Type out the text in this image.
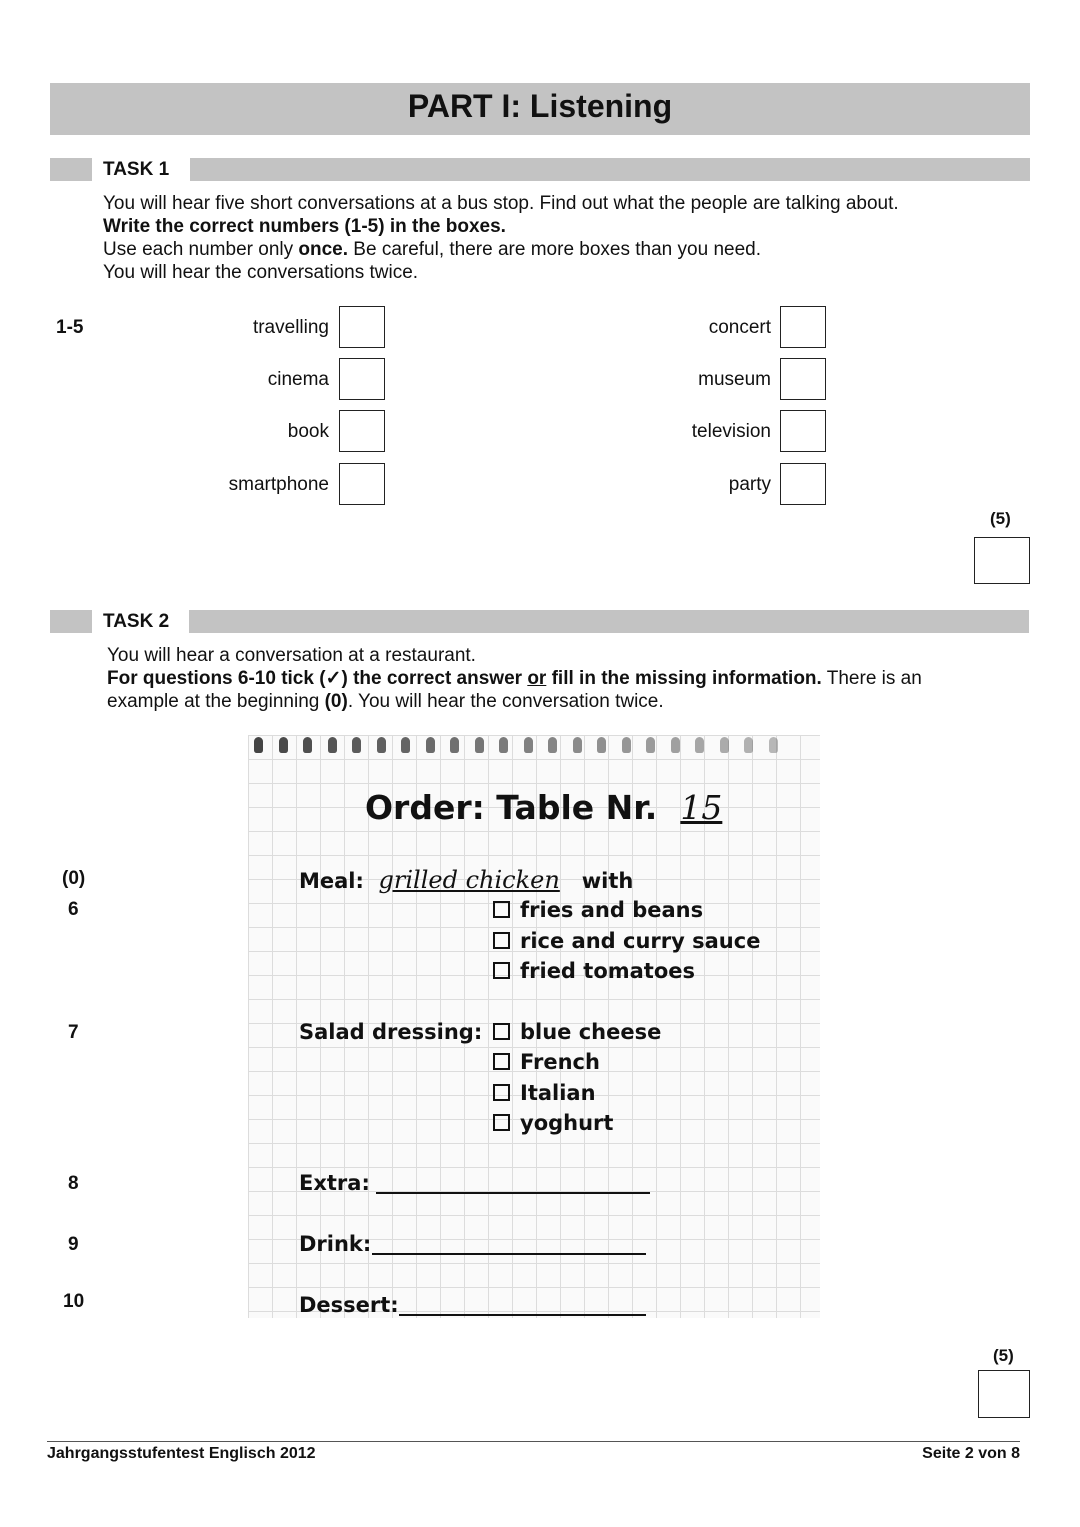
PART I: Listening
TASK 1
You will hear five short conversations at a bus stop. Find out what the people are talking about.
Write the correct numbers (1-5) in the boxes.
Use each number only once. Be careful, there are more boxes than you need.
You will hear the conversations twice.
1-5	travelling
cinema
book
smartphone
concert
museum
television
party
(5)
TASK 2
You will hear a conversation at a restaurant.
For questions 6-10 tick (✓) the correct answer or fill in the missing information. There is an
example at the beginning (0). You will hear the conversation twice.
(0)
6
7
8
9
10
Order: Table Nr. 15
Meal: grilled chicken with
fries and beans
rice and curry sauce
fried tomatoes
Salad dressing:	blue cheese
French
Italian
yoghurt
Extra:
Drink:
Dessert:
(5)
Jahrgangsstufentest Englisch 2012	Seite 2 von 8
